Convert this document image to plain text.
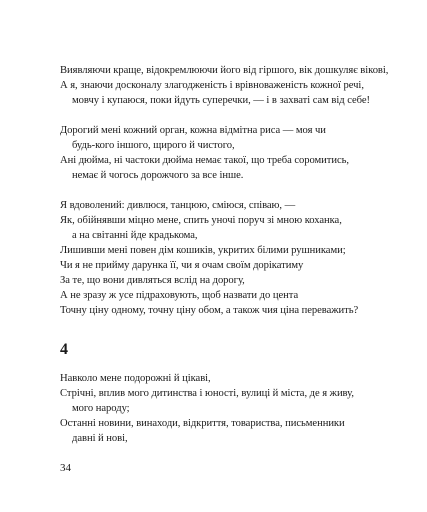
Виявляючи краще, відокремлюючи його від гіршого, вік дошкуляє віковi,
А я, знаючи досконалу злагодженість і врівноваженість кожної речі,
мовчу і купаюся, поки йдуть суперечки, — і в захваті сам від себе!
Дорогий мені кожний орган, кожна відмітна риса — моя чи
будь-кого іншого, щирого й чистого,
Ані дюйма, ні частоки дюйма немає такої, що треба соромитись,
немає й чогось дорожчого за все інше.
Я вдоволений: дивлюся, танцюю, сміюся, співаю, —
Як, обійнявши міцно мене, спить уночі поруч зі мною коханка,
а на світанні йде крадькома,
Лишивши мені повен дім кошиків, укритих білими рушниками;
Чи я не прийму дарунка її, чи я очам своїм дорікатиму
За те, що вони дивляться вслід на дорогу,
А не зразу ж усе підраховують, щоб назвати до цента
Точну ціну одному, точну ціну обом, а також чия ціна переважить?
4
Навколо мене подорожні й цікаві,
Стрічні, вплив мого дитинства і юності, вулиці й міста, де я живу,
мого народу;
Останні новини, винаходи, відкриття, товариства, письменники
давні й нові,
34
